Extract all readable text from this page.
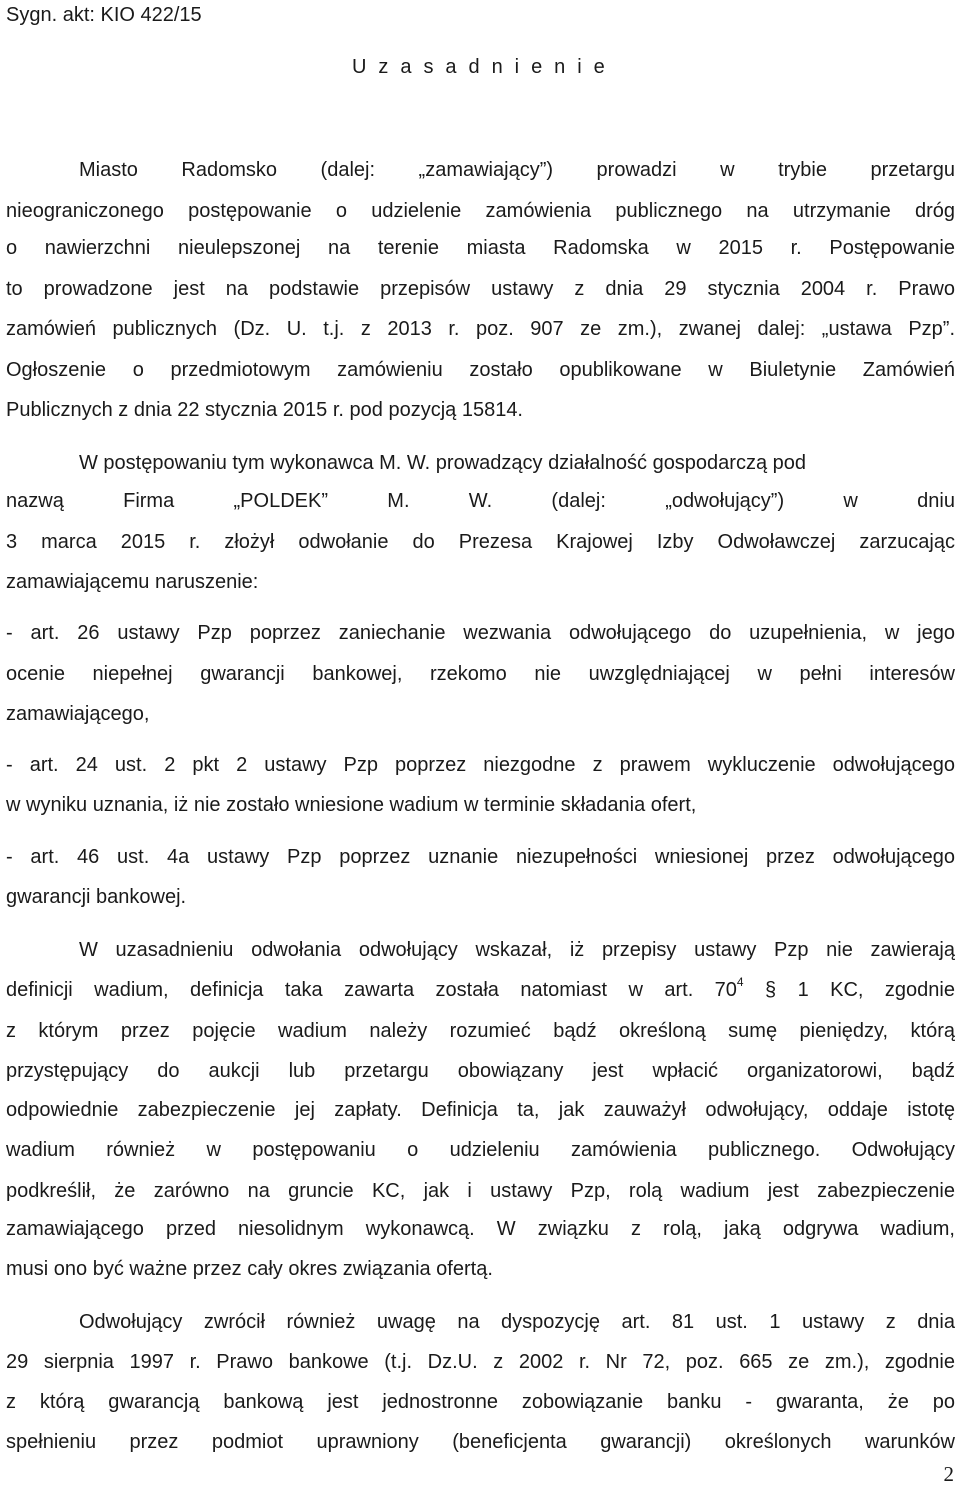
Sygn. akt: KIO 422/15
U z a s a d n i e n i e
Miasto Radomsko (dalej: „zamawiający”) prowadzi w trybie przetargu
nieograniczonego postępowanie o udzielenie zamówienia publicznego na utrzymanie dróg
o nawierzchni nieulepszonej na terenie miasta Radomska w 2015 r. Postępowanie
to prowadzone jest na podstawie przepisów ustawy z dnia 29 stycznia 2004 r. Prawo
zamówień publicznych (Dz. U. t.j. z 2013 r. poz. 907 ze zm.), zwanej dalej: „ustawa Pzp”.
Ogłoszenie o przedmiotowym zamówieniu zostało opublikowane w Biuletynie Zamówień
Publicznych z dnia 22 stycznia 2015 r. pod pozycją 15814.
W postępowaniu tym wykonawca M. W. prowadzący działalność gospodarczą pod
nazwą Firma „POLDEK” M. W. (dalej: „odwołujący”) w dniu
3 marca 2015 r. złożył odwołanie do Prezesa Krajowej Izby Odwoławczej zarzucając
zamawiającemu naruszenie:
- art. 26 ustawy Pzp poprzez zaniechanie wezwania odwołującego do uzupełnienia, w jego
ocenie niepełnej gwarancji bankowej, rzekomo nie uwzględniającej w pełni interesów
zamawiającego,
- art. 24 ust. 2 pkt 2 ustawy Pzp poprzez niezgodne z prawem wykluczenie odwołującego
w wyniku uznania, iż nie zostało wniesione wadium w terminie składania ofert,
- art. 46 ust. 4a ustawy Pzp poprzez uznanie niezupełności wniesionej przez odwołującego
gwarancji bankowej.
W uzasadnieniu odwołania odwołujący wskazał, iż przepisy ustawy Pzp nie zawierają
definicji wadium, definicja taka zawarta została natomiast w art. $70^4$ § 1 KC, zgodnie
z którym przez pojęcie wadium należy rozumieć bądź określoną sumę pieniędzy, którą
przystępujący do aukcji lub przetargu obowiązany jest wpłacić organizatorowi, bądź
odpowiednie zabezpieczenie jej zapłaty. Definicja ta, jak zauważył odwołujący, oddaje istotę
wadium również w postępowaniu o udzieleniu zamówienia publicznego. Odwołujący
podkreślił, że zarówno na gruncie KC, jak i ustawy Pzp, rolą wadium jest zabezpieczenie
zamawiającego przed niesolidnym wykonawcą. W związku z rolą, jaką odgrywa wadium,
musi ono być ważne przez cały okres związania ofertą.
Odwołujący zwrócił również uwagę na dyspozycję art. 81 ust. 1 ustawy z dnia
29 sierpnia 1997 r. Prawo bankowe (t.j. Dz.U. z 2002 r. Nr 72, poz. 665 ze zm.), zgodnie
z którą gwarancją bankową jest jednostronne zobowiązanie banku - gwaranta, że po
spełnieniu przez podmiot uprawniony (beneficjenta gwarancji) określonych warunków
2
